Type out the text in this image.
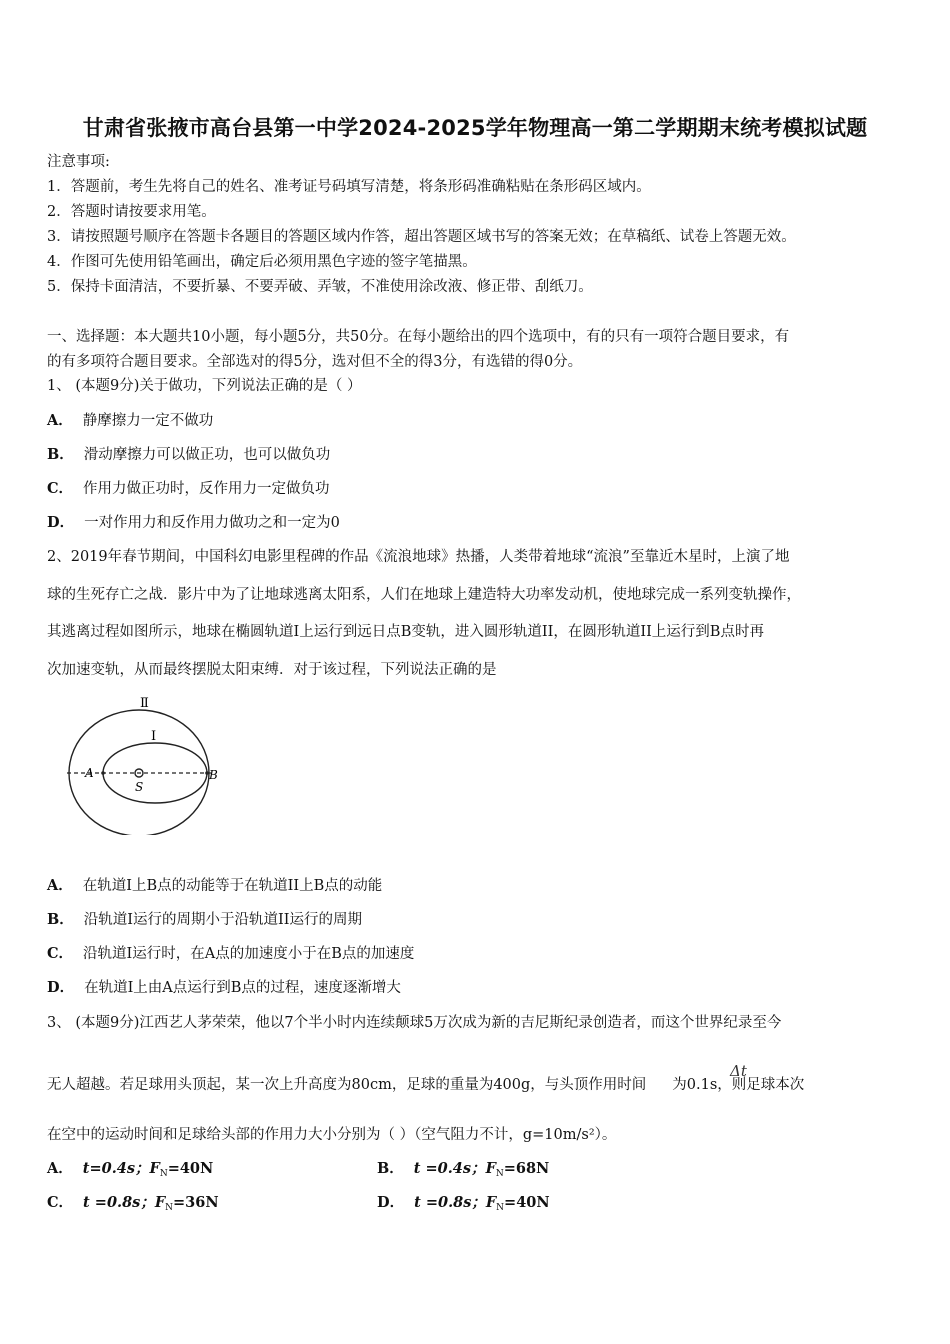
甘肃省张掖市高台县第一中学2024-2025学年物理高一第二学期期末统考模拟试题
注意事项:
1．答题前，考生先将自己的姓名、准考证号码填写清楚，将条形码准确粘贴在条形码区域内。
2．答题时请按要求用笔。
3．请按照题号顺序在答题卡各题目的答题区域内作答，超出答题区域书写的答案无效；在草稿纸、试卷上答题无效。
4．作图可先使用铅笔画出，确定后必须用黑色字迹的签字笔描黑。
5．保持卡面清洁，不要折暴、不要弄破、弄皱，不准使用涂改液、修正带、刮纸刀。
一、选择题：本大题共10小题，每小题5分，共50分。在每小题给出的四个选项中，有的只有一项符合题目要求，有
的有多项符合题目要求。全部选对的得5分，选对但不全的得3分，有选错的得0分。
1、 (本题9分)关于做功，下列说法正确的是（ ）
A． 静摩擦力一定不做功
B． 滑动摩擦力可以做正功，也可以做负功
C． 作用力做正功时，反作用力一定做负功
D． 一对作用力和反作用力做功之和一定为0
2、2019年春节期间，中国科幻电影里程碑的作品《流浪地球》热播，人类带着地球“流浪”至靠近木星时，上演了地
球的生死存亡之战．影片中为了让地球逃离太阳系，人们在地球上建造特大功率发动机，使地球完成一系列变轨操作，
其逃离过程如图所示，地球在椭圆轨道I上运行到远日点B变轨，进入圆形轨道II，在圆形轨道II上运行到B点时再
次加速变轨，从而最终摆脱太阳束缚．对于该过程，下列说法正确的是
Ⅱ
I
A	B
S
A． 在轨道I上B点的动能等于在轨道II上B点的动能
B． 沿轨道I运行的周期小于沿轨道II运行的周期
C． 沿轨道I运行时，在A点的加速度小于在B点的加速度
D． 在轨道I上由A点运行到B点的过程，速度逐渐增大
3、 (本题9分)江西艺人茅荣荣，他以7个半小时内连续颠球5万次成为新的吉尼斯纪录创造者，而这个世界纪录至今
无人超越。若足球用头顶起，某一次上升高度为80cm，足球的重量为400g，与头顶作用时间 为0.1s，则足球本次
Δt
在空中的运动时间和足球给头部的作用力大小分别为（ ）（空气阻力不计，g=10m/s²）。
A． t=0.4s；$F_N=40N$	B． t =0.4s；$F_N=68N$
C． t =0.8s；$F_N=36N$	D． t =0.8s；$F_N=40N$
